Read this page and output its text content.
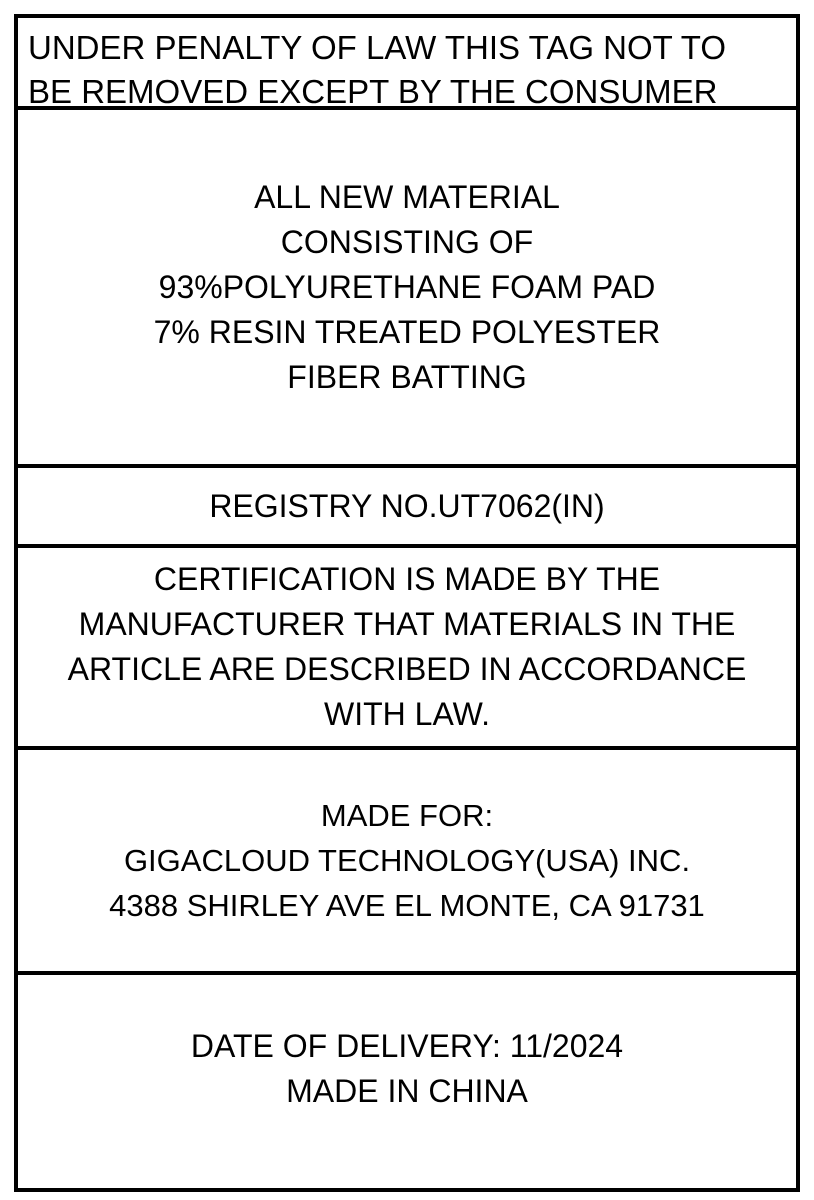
UNDER PENALTY OF LAW THIS TAG NOT TO
BE REMOVED EXCEPT BY THE CONSUMER
ALL NEW MATERIAL
CONSISTING OF
93%POLYURETHANE FOAM PAD
7% RESIN TREATED POLYESTER
FIBER BATTING
REGISTRY NO.UT7062(IN)
CERTIFICATION IS MADE BY THE
MANUFACTURER THAT MATERIALS IN THE
ARTICLE ARE DESCRIBED IN ACCORDANCE
WITH LAW.
MADE FOR:
GIGACLOUD TECHNOLOGY(USA) INC.
4388 SHIRLEY AVE EL MONTE, CA 91731
DATE OF DELIVERY: 11/2024
MADE IN CHINA
